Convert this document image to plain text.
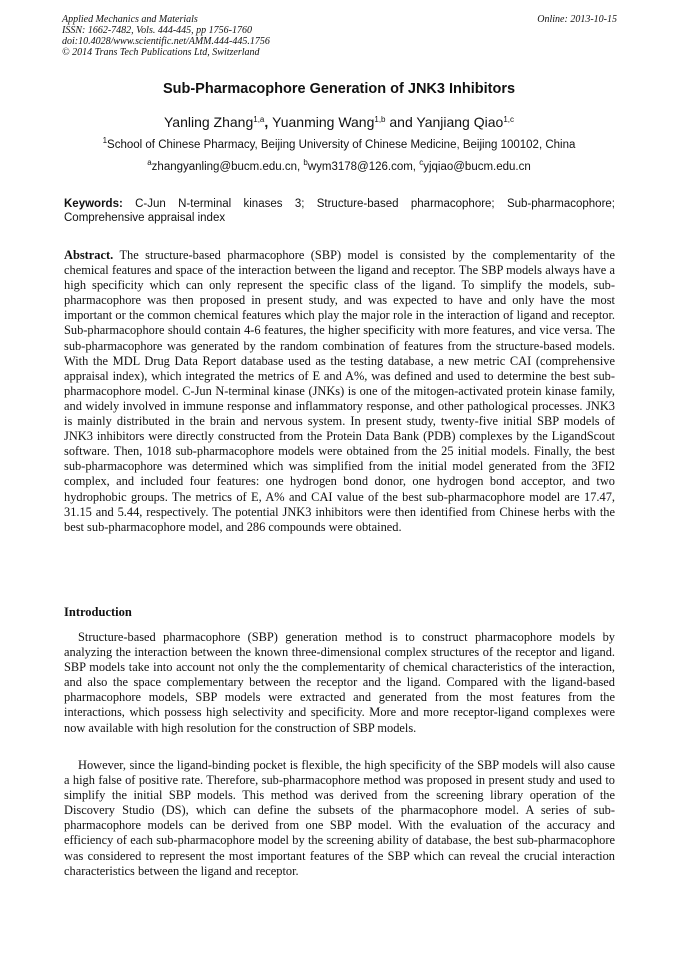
Applied Mechanics and Materials
ISSN: 1662-7482, Vols. 444-445, pp 1756-1760
doi:10.4028/www.scientific.net/AMM.444-445.1756
© 2014 Trans Tech Publications Ltd, Switzerland
Online: 2013-10-15
Sub-Pharmacophore Generation of JNK3 Inhibitors
Yanling Zhang$^{1,a}$, Yuanming Wang$^{1,b}$ and Yanjiang Qiao$^{1,c}$
$^1$School of Chinese Pharmacy, Beijing University of Chinese Medicine, Beijing 100102, China
$^a$zhangyanling@bucm.edu.cn, $^b$wym3178@126.com, $^c$yjqiao@bucm.edu.cn
Keywords: C-Jun N-terminal kinases 3; Structure-based pharmacophore; Sub-pharmacophore; Comprehensive appraisal index

Abstract. The structure-based pharmacophore (SBP) model is consisted by the complementarity of the chemical features and space of the interaction between the ligand and receptor. The SBP models always have a high specificity which can only represent the specific class of the ligand. To simplify the models, sub-pharmacophore was then proposed in present study, and was expected to have and only have the most important or the common chemical features which play the major role in the interaction of ligand and receptor. Sub-pharmacophore should contain 4-6 features, the higher specificity with more features, and vice versa. The sub-pharmacophore was generated by the random combination of features from the structure-based models. With the MDL Drug Data Report database used as the testing database, a new metric CAI (comprehensive appraisal index), which integrated the metrics of E and A%, was defined and used to determine the best sub-pharmacophore model. C-Jun N-terminal kinase (JNKs) is one of the mitogen-activated protein kinase family, and widely involved in immune response and inflammatory response, and other pathological processes. JNK3 is mainly distributed in the brain and nervous system. In present study, twenty-five initial SBP models of JNK3 inhibitors were directly constructed from the Protein Data Bank (PDB) complexes by the LigandScout software. Then, 1018 sub-pharmacophore models were obtained from the 25 initial models. Finally, the best sub-pharmacophore was determined which was simplified from the initial model generated from the 3FI2 complex, and included four features: one hydrogen bond donor, one hydrogen bond acceptor, and two hydrophobic groups. The metrics of E, A% and CAI value of the best sub-pharmacophore model are 17.47, 31.15 and 5.44, respectively. The potential JNK3 inhibitors were then identified from Chinese herbs with the best sub-pharmacophore model, and 286 compounds were obtained.

Introduction

Structure-based pharmacophore (SBP) generation method is to construct pharmacophore models by analyzing the interaction between the known three-dimensional complex structures of the receptor and ligand. SBP models take into account not only the the complementarity of chemical characteristics of the interaction, and also the space complementary between the receptor and the ligand. Compared with the ligand-based pharmacophore models, SBP models were extracted and generated from the most features from the interactions, which possess high selectivity and specificity. More and more receptor-ligand complexes were now available with high resolution for the construction of SBP models.

However, since the ligand-binding pocket is flexible, the high specificity of the SBP models will also cause a high false of positive rate. Therefore, sub-pharmacophore method was proposed in present study and used to simplify the initial SBP models. This method was derived from the screening library operation of the Discovery Studio (DS), which can define the subsets of the pharmacophore model. A series of sub-pharmacophore models can be derived from one SBP model. With the evaluation of the accuracy and efficiency of each sub-pharmacophore model by the screening ability of database, the best sub-pharmacophore was considered to represent the most important features of the SBP which can reveal the crucial interaction characteristics between the ligand and receptor.
